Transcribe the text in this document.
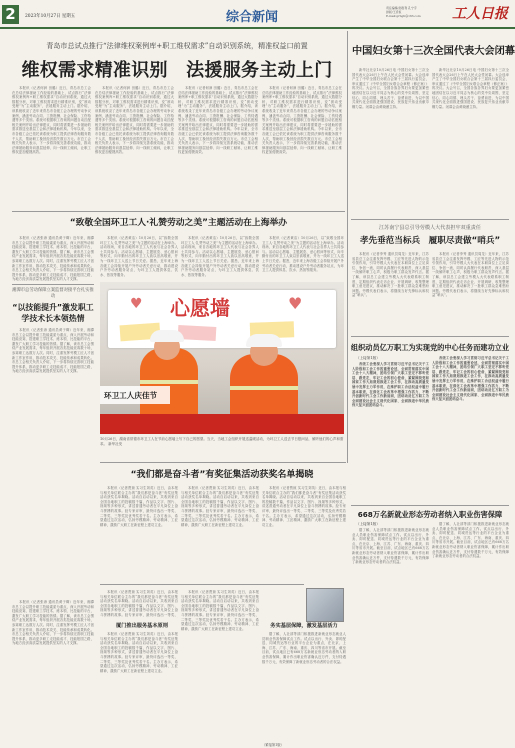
2	2023年10月27日 星期五	综合新闻
责任编辑/孙胜利 孔宁宇
排版/王延恒
E-mail:grbgh@163.com	工人日报
青岛市总试点推行“法律维权案例库+职工维权需求”自动识别系统，精准权益口前置
维权需求精准识别　法援服务主动上门

本报讯（记者何润 田璐）近日，青岛市总工会在总结法律援助工作经验的基础上，试点推行“法律维权案例库+职工维权需求”自动识别系统，通过大数据分析，对职工维权需求进行精准识别，变“被动受理”为“主动服务”，法援服务主动上门。据介绍，该系统收录了近年来青岛市各级工会办理的劳动争议案例，涵盖劳动合同、工资报酬、社会保险、工伤待遇等多个类别。系统可根据职工咨询的问题自动匹配相关案例并给出法律建议，同时将需要进一步援助的需求推送至基层工会和法律援助机构。今年以来，全市各级工会已依托该系统为职工提供法律咨询服务数千人次，帮助职工挽回经济损失数百万元。市总工会相关负责人表示，下一步将持续完善系统功能，推动法律援助服务向基层延伸、向一线职工倾斜，让职工维权更加便捷高效。

本报讯（记者何润 田璐）近日，青岛市总工会在总结法律援助工作经验的基础上，试点推行“法律维权案例库+职工维权需求”自动识别系统，通过大数据分析，对职工维权需求进行精准识别，变“被动受理”为“主动服务”，法援服务主动上门。据介绍，该系统收录了近年来青岛市各级工会办理的劳动争议案例，涵盖劳动合同、工资报酬、社会保险、工伤待遇等多个类别。系统可根据职工咨询的问题自动匹配相关案例并给出法律建议，同时将需要进一步援助的需求推送至基层工会和法律援助机构。今年以来，全市各级工会已依托该系统为职工提供法律咨询服务数千人次，帮助职工挽回经济损失数百万元。市总工会相关负责人表示，下一步将持续完善系统功能，推动法律援助服务向基层延伸、向一线职工倾斜，让职工维权更加便捷高效。

本报讯（记者何润 田璐）近日，青岛市总工会在总结法律援助工作经验的基础上，试点推行“法律维权案例库+职工维权需求”自动识别系统，通过大数据分析，对职工维权需求进行精准识别，变“被动受理”为“主动服务”，法援服务主动上门。据介绍，该系统收录了近年来青岛市各级工会办理的劳动争议案例，涵盖劳动合同、工资报酬、社会保险、工伤待遇等多个类别。系统可根据职工咨询的问题自动匹配相关案例并给出法律建议，同时将需要进一步援助的需求推送至基层工会和法律援助机构。今年以来，全市各级工会已依托该系统为职工提供法律咨询服务数千人次，帮助职工挽回经济损失数百万元。市总工会相关负责人表示，下一步将持续完善系统功能，推动法律援助服务向基层延伸、向一线职工倾斜，让职工维权更加便捷高效。

本报讯（记者何润 田璐）近日，青岛市总工会在总结法律援助工作经验的基础上，试点推行“法律维权案例库+职工维权需求”自动识别系统，通过大数据分析，对职工维权需求进行精准识别，变“被动受理”为“主动服务”，法援服务主动上门。据介绍，该系统收录了近年来青岛市各级工会办理的劳动争议案例，涵盖劳动合同、工资报酬、社会保险、工伤待遇等多个类别。系统可根据职工咨询的问题自动匹配相关案例并给出法律建议，同时将需要进一步援助的需求推送至基层工会和法律援助机构。今年以来，全市各级工会已依托该系统为职工提供法律咨询服务数千人次，帮助职工挽回经济损失数百万元。市总工会相关负责人表示，下一步将持续完善系统功能，推动法律援助服务向基层延伸、向一线职工倾斜，让职工维权更加便捷高效。

中国妇女第十三次全国代表大会闭幕

新华社北京10月26日电 中国妇女第十三次全国代表大会26日上午在人民大会堂闭幕。大会选举产生了中华全国妇女联合会第十三届执行委员会，审议通过了《中华全国妇女联合会章程（修正案）》的决议。大会号召，全国各族各界妇女要更加紧密地团结在以习近平同志为核心的党中央周围，坚定信心、同心同德、埋头苦干、奋勇前进，为以中国式现代化全面推进强国建设、民族复兴伟业贡献巾帼力量。闭幕会由黄晓薇主持。

新华社北京10月26日电 中国妇女第十三次全国代表大会26日上午在人民大会堂闭幕。大会选举产生了中华全国妇女联合会第十三届执行委员会，审议通过了《中华全国妇女联合会章程（修正案）》的决议。大会号召，全国各族各界妇女要更加紧密地团结在以习近平同志为核心的党中央周围，坚定信心、同心同德、埋头苦干、奋勇前进，为以中国式现代化全面推进强国建设、民族复兴伟业贡献巾帼力量。闭幕会由黄晓薇主持。

江苏南宁县总引导劳模人大代表担牢双重责任
孝先垂范当标兵　履职尽责做“哨兵”

本报讯（记者李秀 通讯员周龙）近年来，江苏省县总工会注重发挥劳模、工匠等先进人物的示范引领作用，引导劳模人大代表在本职岗位上立足岗位、争创一流，同时认真履行代表职责，深入基层一线倾听职工心声，积极为职工群众发声代言。据了解，该县总工会建立劳模人大代表联系职工制度，定期组织代表走访企业、开展调研，收集整理职工意见建议，推动解决了一批职工群众急难愁盼问题。劳模代表们表示，将继续当好先锋标兵和权益“哨兵”。

本报讯（记者李秀 通讯员周龙）近年来，江苏省县总工会注重发挥劳模、工匠等先进人物的示范引领作用，引导劳模人大代表在本职岗位上立足岗位、争创一流，同时认真履行代表职责，深入基层一线倾听职工心声，积极为职工群众发声代言。据了解，该县总工会建立劳模人大代表联系职工制度，定期组织代表走访企业、开展调研，收集整理职工意见建议，推动解决了一批职工群众急难愁盼问题。劳模代表们表示，将继续当好先锋标兵和权益“哨兵”。

“致敬全国环卫工人·礼赞劳动之美”主题活动在上海举办

本报讯（记者黄洁）10月26日，以“致敬全国环卫工人·礼赞劳动之美”为主题的活动在上海举办。活动现场，来自各地的环卫工人代表与社会各界人士共同参与。活动以心愿墙、主题展览、爱心慰问等形式，向辛勤付出的环卫工人致以崇高敬意，并为一线环卫工人送上节日关爱。据悉，近年来上海各级工会持续开展户外劳动者关爱行动，推动建设户外劳动者服务站点，为环卫工人提供休息、饮水、热饭等服务。

本报讯（记者黄洁）10月26日，以“致敬全国环卫工人·礼赞劳动之美”为主题的活动在上海举办。活动现场，来自各地的环卫工人代表与社会各界人士共同参与。活动以心愿墙、主题展览、爱心慰问等形式，向辛勤付出的环卫工人致以崇高敬意，并为一线环卫工人送上节日关爱。据悉，近年来上海各级工会持续开展户外劳动者关爱行动，推动建设户外劳动者服务站点，为环卫工人提供休息、饮水、热饭等服务。

本报讯（记者黄洁）10月26日，以“致敬全国环卫工人·礼赞劳动之美”为主题的活动在上海举办。活动现场，来自各地的环卫工人代表与社会各界人士共同参与。活动以心愿墙、主题展览、爱心慰问等形式，向辛勤付出的环卫工人致以崇高敬意，并为一线环卫工人送上节日关爱。据悉，近年来上海各级工会持续开展户外劳动者关爱行动，推动建设户外劳动者服务站点，为环卫工人提供休息、饮水、热饭等服务。

本报讯（记者张涛 通讯员黄子卿）近年来，湘潭市总工会以提升职工技能素质为重点，深入开展劳动和技能竞赛，搭建职工学技术、练本领、比技能的平台，激发广大职工学习技能的热情。据了解，该市总工会围绕产业发展需求，每年组织开展各类技能竞赛数十场，参赛职工达数万人次。同时，注重发挥劳模工匠人才创新工作室作用，推动技术攻关、技能传承和成果转化。市总工会相关负责人介绍，下一步将持续完善职工技能提升体系，推动更多职工走技能成才、技能报国之路，为地方经济高质量发展提供坚实的人才支撑。

湘潭市总劳动保障立案监督对接平台扎实推动
“以技能提升”激发职工学技术长本领热情

本报讯（记者张涛 通讯员黄子卿）近年来，湘潭市总工会以提升职工技能素质为重点，深入开展劳动和技能竞赛，搭建职工学技术、练本领、比技能的平台，激发广大职工学习技能的热情。据了解，该市总工会围绕产业发展需求，每年组织开展各类技能竞赛数十场，参赛职工达数万人次。同时，注重发挥劳模工匠人才创新工作室作用，推动技术攻关、技能传承和成果转化。市总工会相关负责人介绍，下一步将持续完善职工技能提升体系，推动更多职工走技能成才、技能报国之路，为地方经济高质量发展提供坚实的人才支撑。

心愿墙
♥	♥
环卫工人庆佳节
10月26日，湖南省常德市环卫工人在节前心愿墙上写下自己的愿望。当天，当地工会组织开展送温暖活动，为环卫工人送去节日慰问品，倾听他们的心声和需求。 新华社发
组织动员亿万职工为实现党的中心任务而建功立业
（上接第1版）

各级工会要深入学习贯彻习近平总书记关于工人阶级和工会工作的重要论述，全面贯彻落实中国工会十八大精神，团结引领广大职工坚定不移听党话、跟党走，牢记工会的初心使命，紧紧围绕党和国家工作大局谋划推进工会工作，在推动高质量发展中发挥主力军作用，在维护职工合法权益中履行基本职责，在深化工会改革中增强工作活力，不断开创新时代工会工作新局面，团结动员亿万职工为全面建设社会主义现代化国家、全面推进中华民族伟大复兴而团结奋斗。

各级工会要深入学习贯彻习近平总书记关于工人阶级和工会工作的重要论述，全面贯彻落实中国工会十八大精神，团结引领广大职工坚定不移听党话、跟党走，牢记工会的初心使命，紧紧围绕党和国家工作大局谋划推进工会工作，在推动高质量发展中发挥主力军作用，在维护职工合法权益中履行基本职责，在深化工会改革中增强工作活力，不断开创新时代工会工作新局面，团结动员亿万职工为全面建设社会主义现代化国家、全面推进中华民族伟大复兴而团结奋斗。

668万名新就业形态劳动者纳入职业伤害保障
（上接第1版）

据了解，人社部等部门积极推进新就业形态就业人员职业伤害保障试点工作。试点以出行、外卖、即时配送、同城货运等行业的平台企业为重点，在北京、上海、江苏、广东、海南、重庆、四川等省市开展。截至目前，试点地区已有668万名新就业形态劳动者纳入职业伤害保障，累计作出职业伤害确认近万件，支付待遇数千万元，有效保障了新就业形态劳动者的合法权益。

据了解，人社部等部门积极推进新就业形态就业人员职业伤害保障试点工作。试点以出行、外卖、即时配送、同城货运等行业的平台企业为重点，在北京、上海、江苏、广东、海南、重庆、四川等省市开展。截至目前，试点地区已有668万名新就业形态劳动者纳入职业伤害保障，累计作出职业伤害确认近万件，支付待遇数千万元，有效保障了新就业形态劳动者的合法权益。

“我们都是奋斗者”有奖征集活动获奖名单揭晓

本报讯（记者贾琼 实习生刘英）近日，由本报与相关单位联合主办的“我们都是奋斗者”有奖征集活动获奖名单揭晓。活动自启动以来，共收到来自全国各地职工的投稿数千篇，作品以文字、图片、视频等多种形式，讲述普通劳动者在平凡岗位上奋斗拼搏的故事。经专家评审，最终评选出一等奖、二等奖、三等奖及优秀奖若干名。主办方表示，希望通过这次活动，弘扬劳模精神、劳动精神、工匠精神，激励广大职工在新征程上建功立业。

本报讯（记者贾琼 实习生刘英）近日，由本报与相关单位联合主办的“我们都是奋斗者”有奖征集活动获奖名单揭晓。活动自启动以来，共收到来自全国各地职工的投稿数千篇，作品以文字、图片、视频等多种形式，讲述普通劳动者在平凡岗位上奋斗拼搏的故事。经专家评审，最终评选出一等奖、二等奖、三等奖及优秀奖若干名。主办方表示，希望通过这次活动，弘扬劳模精神、劳动精神、工匠精神，激励广大职工在新征程上建功立业。

本报讯（记者贾琼 实习生刘英）近日，由本报与相关单位联合主办的“我们都是奋斗者”有奖征集活动获奖名单揭晓。活动自启动以来，共收到来自全国各地职工的投稿数千篇，作品以文字、图片、视频等多种形式，讲述普通劳动者在平凡岗位上奋斗拼搏的故事。经专家评审，最终评选出一等奖、二等奖、三等奖及优秀奖若干名。主办方表示，希望通过这次活动，弘扬劳模精神、劳动精神、工匠精神，激励广大职工在新征程上建功立业。

本报讯（记者张涛 通讯员黄子卿）近年来，湘潭市总工会以提升职工技能素质为重点，深入开展劳动和技能竞赛，搭建职工学技术、练本领、比技能的平台，激发广大职工学习技能的热情。据了解，该市总工会围绕产业发展需求，每年组织开展各类技能竞赛数十场，参赛职工达数万人次。同时，注重发挥劳模工匠人才创新工作室作用，推动技术攻关、技能传承和成果转化。市总工会相关负责人介绍，下一步将持续完善职工技能提升体系，推动更多职工走技能成才、技能报国之路，为地方经济高质量发展提供坚实的人才支撑。

本报讯（记者贾琼 实习生刘英）近日，由本报与相关单位联合主办的“我们都是奋斗者”有奖征集活动获奖名单揭晓。活动自启动以来，共收到来自全国各地职工的投稿数千篇，作品以文字、图片、视频等多种形式，讲述普通劳动者在平凡岗位上奋斗拼搏的故事。经专家评审，最终评选出一等奖、

厦门推出服务基本原则

本报讯（记者贾琼 实习生刘英）近日，由本报与相关单位联合主办的“我们都是奋斗者”有奖征集活动获奖名单揭晓。活动自启动以来，共收到来自全国各地职工的投稿数千篇，作品以文字、图片、视频等多种形式，讲述普通劳动者在平凡岗位上奋斗拼搏的故事。经专家评审，最终评选出一等奖、二等奖、三等奖及优秀奖若干名。主办方表示，希望通过这次活动，弘扬劳模精神、劳动精神、工匠精神，激励广大职工在新征程上建功立业。

本报讯（记者贾琼 实习生刘英）近日，由本报与相关单位联合主办的“我们都是奋斗者”有奖征集活动获奖名单揭晓。活动自启动以来，共收到来自全国各地职工的投稿数千篇，作品以文字、图片、视频等多种形式，讲述普通劳动者在平凡岗位上奋斗拼搏的故事。经专家评审，最终评选出一等奖、二等奖、三等奖及优秀奖若干名。主办方表示，希望通过这次活动，弘扬劳模精神、劳动精神、工匠精神，激励广大职工在新征程上建功立业。	务实基层保障，激发基层活力

据了解，人社部等部门积极推进新就业形态就业人员职业伤害保障试点工作。试点以出行、外卖、即时配送、同城货运等行业的平台企业为重点，在北京、上海、江苏、广东、海南、重庆、四川等省市开展。截至目前，试点地区已有668万名新就业形态劳动者纳入职业伤害保障，累计作出职业伤害确认近万件，支付待遇数千万元，有效保障了新就业形态劳动者的合法权益。

（紧接第1版）
